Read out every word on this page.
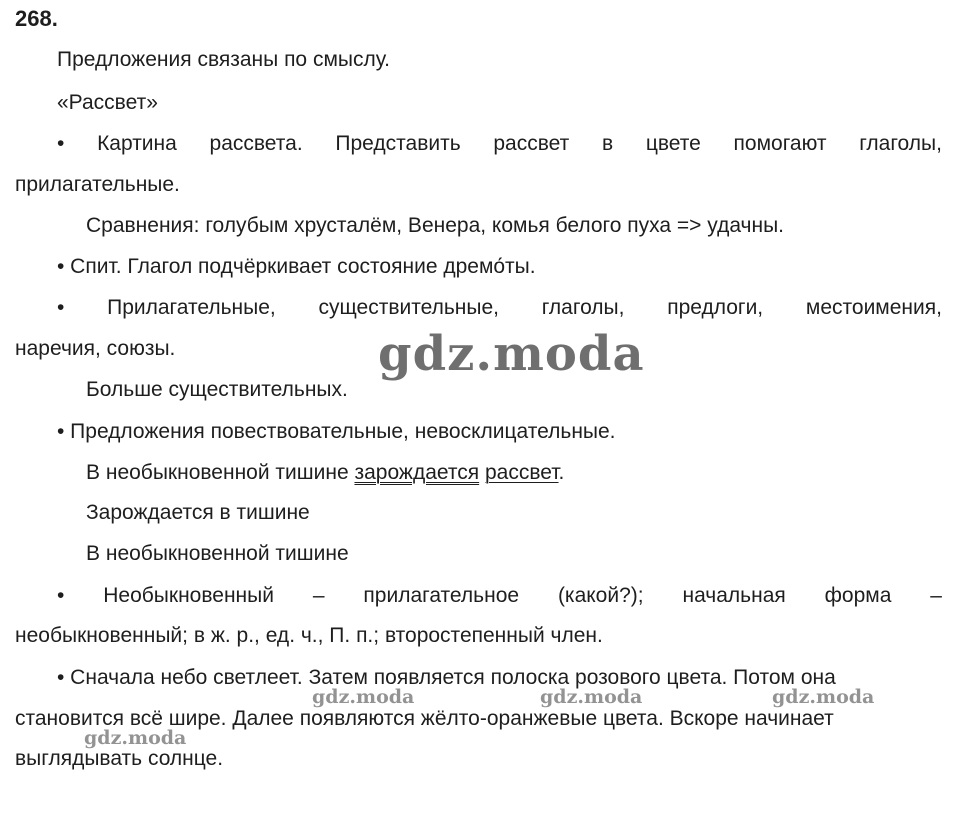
268.
Предложения связаны по смыслу.
«Рассвет»
• Картина рассвета. Представить рассвет в цвете помогают глаголы,
прилагательные.
Сравнения: голубым хрусталём, Венера, комья белого пуха => удачны.
• Спит. Глагол подчёркивает состояние дремо́ты.
• Прилагательные, существительные, глаголы, предлоги, местоимения,
наречия, союзы.
Больше существительных.
• Предложения повествовательные, невосклицательные.
В необыкновенной тишине зарождается рассвет.
Зарождается в тишине
В необыкновенной тишине
• Необыкновенный – прилагательное (какой?); начальная форма –
необыкновенный; в ж. р., ед. ч., П. п.; второстепенный член.
• Сначала небо светлеет. Затем появляется полоска розового цвета. Потом она
становится всё шире. Далее появляются жёлто-оранжевые цвета. Вскоре начинает
выглядывать солнце.
gdz.moda
gdz.moda	gdz.moda	gdz.moda
gdz.moda
